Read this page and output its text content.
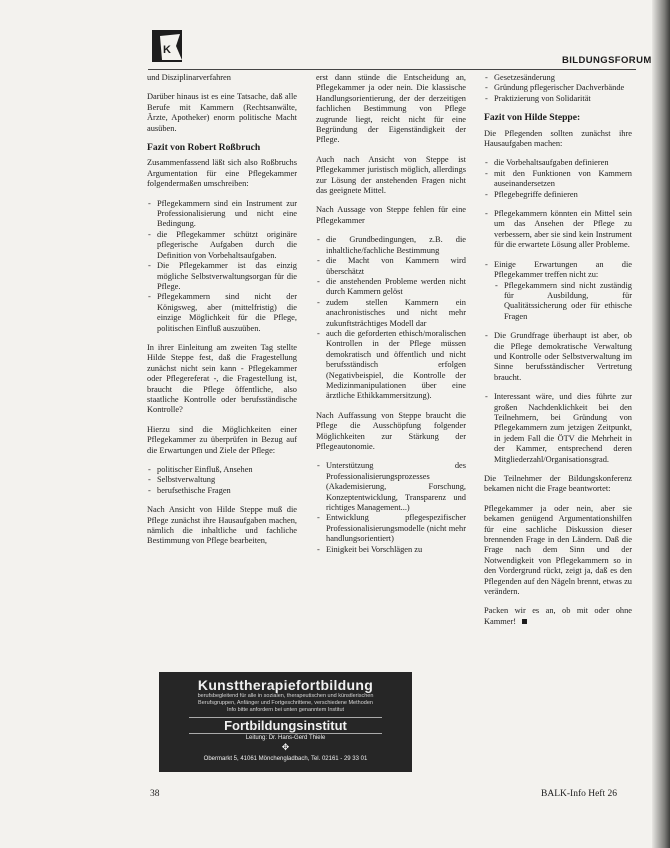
K
BILDUNGSFORUM

und Disziplinarverfahren

Darüber hinaus ist es eine Tatsache, daß alle Berufe mit Kammern (Rechtsanwälte, Ärzte, Apotheker) enorm politische Macht ausüben.

Fazit von Robert Roßbruch

Zusammenfassend läßt sich also Roßbruchs Argumentation für eine Pflegekammer folgendermaßen umschreiben:

- Pflegekammern sind ein Instrument zur Professionalisierung und nicht eine Bedingung.
- die Pflegekammer schützt originäre pflegerische Aufgaben durch die Definition von Vorbehaltsaufgaben.
- Die Pflegekammer ist das einzig mögliche Selbstverwaltungsorgan für die Pflege.
- Pflegekammern sind nicht der Königsweg, aber (mittelfristig) die einzige Möglichkeit für die Pflege, politischen Einfluß auszuüben.

In ihrer Einleitung am zweiten Tag stellte Hilde Steppe fest, daß die Fragestellung zunächst nicht sein kann - Pflegekammer oder Pflegereferat -, die Fragestellung ist, braucht die Pflege öffentliche, also staatliche Kontrolle oder berufsständische Kontrolle?

Hierzu sind die Möglichkeiten einer Pflegekammer zu überprüfen in Bezug auf die Erwartungen und Ziele der Pflege:

- politischer Einfluß, Ansehen
- Selbstverwaltung
- berufsethische Fragen

Nach Ansicht von Hilde Steppe muß die Pflege zunächst ihre Hausaufgaben machen, nämlich die inhaltliche und fachliche Bestimmung von Pflege bearbeiten,

erst dann stünde die Entscheidung an, Pflegekammer ja oder nein. Die klassische Handlungsorientierung, der der derzeitigen fachlichen Bestimmung von Pflege zugrunde liegt, reicht nicht für eine Begründung der Eigenständigkeit der Pflege.

Auch nach Ansicht von Steppe ist Pflegekammer juristisch möglich, allerdings zur Lösung der anstehenden Fragen nicht das geeignete Mittel.

Nach Aussage von Steppe fehlen für eine Pflegekammer

- die Grundbedingungen, z.B. die inhaltliche/fachliche Bestimmung
- die Macht von Kammern wird überschätzt
- die anstehenden Probleme werden nicht durch Kammern gelöst
- zudem stellen Kammern ein anachronistisches und nicht mehr zukunftsträchtiges Modell dar
- auch die geforderten ethisch/moralischen Kontrollen in der Pflege müssen demokratisch und öffentlich und nicht berufsständisch erfolgen (Negativbeispiel, die Kontrolle der Medizinmanipulationen über eine ärztliche Ethikkammersitzung).

Nach Auffassung von Steppe braucht die Pflege die Ausschöpfung folgender Möglichkeiten zur Stärkung der Pflegeautonomie.

- Unterstützung des Professionalisierungsprozesses (Akademisierung, Forschung, Konzeptentwicklung, Transparenz und richtiges Management...)
- Entwicklung pflegespezifischer Professionalisierungsmodelle (nicht mehr handlungsorientiert)
- Einigkeit bei Vorschlägen zu
- Gesetzesänderung
- Gründung pflegerischer Dachverbände
- Praktizierung von Solidarität
Fazit von Hilde Steppe:

Die Pflegenden sollten zunächst ihre Hausaufgaben machen:

- die Vorbehaltsaufgaben definieren
- mit den Funktionen von Kammern auseinandersetzen
- Pflegebegriffe definieren
- Pflegekammern könnten ein Mittel sein um das Ansehen der Pflege zu verbessern, aber sie sind kein Instrument für die erwartete Lösung aller Probleme.
- Einige Erwartungen an die Pflegekammer treffen nicht zu:
- Pflegekammern sind nicht zuständig für Ausbildung, für Qualitätssicherung oder für ethische Fragen
- Die Grundfrage überhaupt ist aber, ob die Pflege demokratische Verwaltung und Kontrolle oder Selbstverwaltung im Sinne berufsständischer Vertretung braucht.
- Interessant wäre, und dies führte zur großen Nachdenklichkeit bei den Teilnehmern, bei Gründung von Pflegekammern zum jetzigen Zeitpunkt, in jedem Fall die ÖTV die Mehrheit in der Kammer, entsprechend deren Mitgliederzahl/Organisationsgrad.

Die Teilnehmer der Bildungskonferenz bekamen nicht die Frage beantwortet:

Pflegekammer ja oder nein, aber sie bekamen genügend Argumentationshilfen für eine sachliche Diskussion dieser brennenden Frage in den Ländern. Daß die Frage nach dem Sinn und der Notwendigkeit von Pflegekammern so in den Vordergrund rückt, zeigt ja, daß es den Pflegenden auf den Nägeln brennt, etwas zu verändern.

Packen wir es an, ob mit oder ohne Kammer!

Kunsttherapiefortbildung
berufsbegleitend für alle in sozialen, therapeutischen und künstlerischen
Berufsgruppen, Anfänger und Fortgeschrittene, verschiedene Methoden
Info bitte anfordern bei unten genanntem Institut
Fortbildungsinstitut
Leitung: Dr. Hans-Gerd Thiele
✥
Obermarkt 5, 41061 Mönchengladbach, Tel. 02161 - 29 33 01
38	BALK-Info Heft 26
